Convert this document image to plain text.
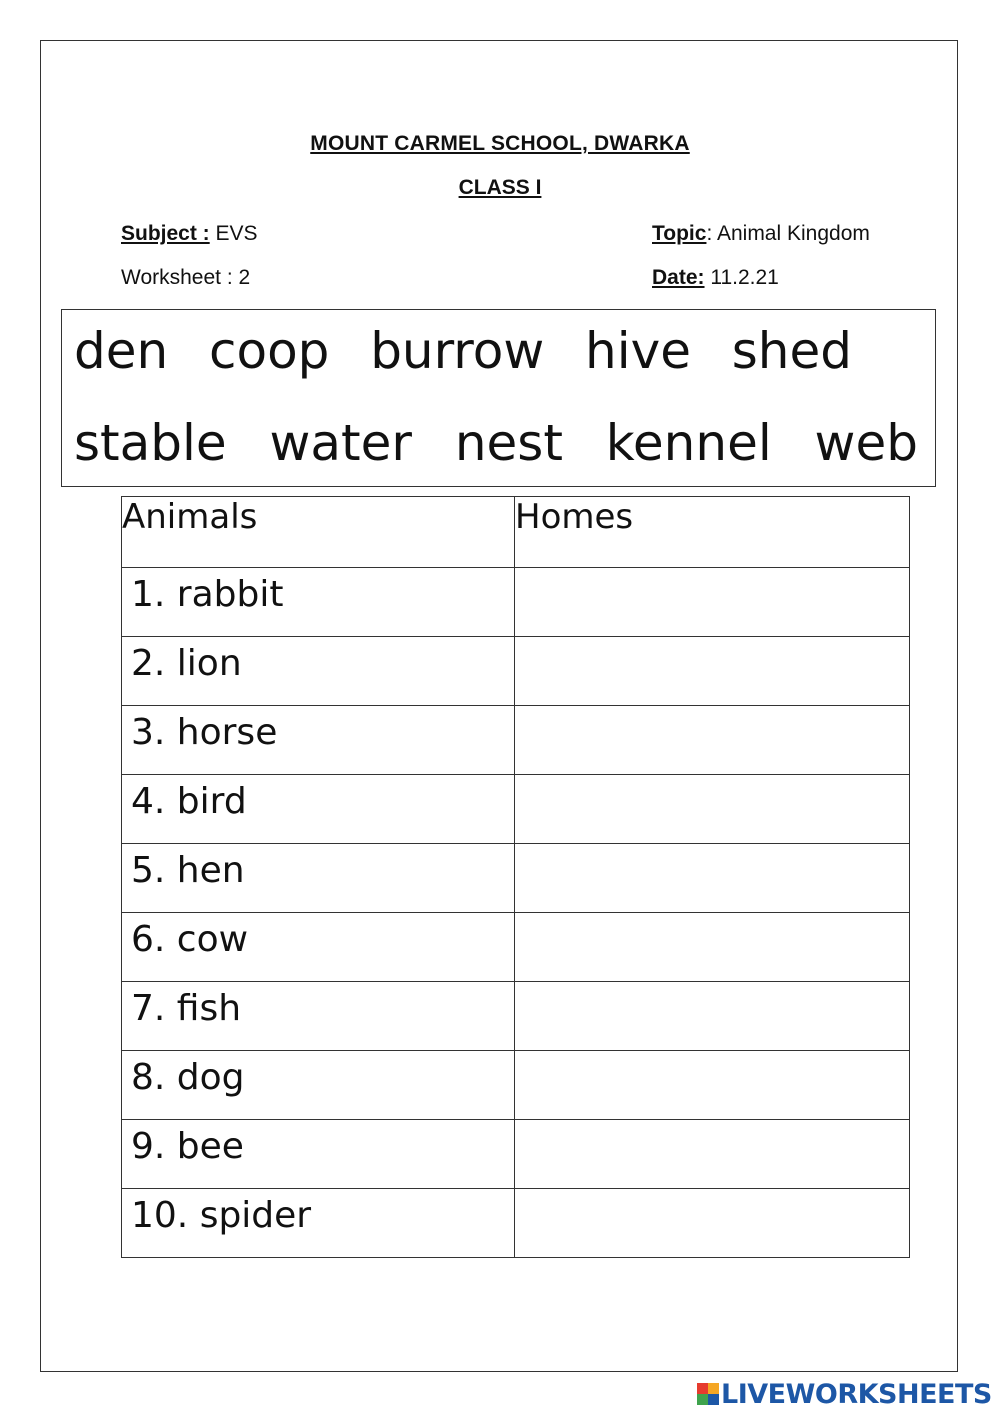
MOUNT CARMEL SCHOOL, DWARKA
CLASS I
Subject : EVS
Worksheet : 2
Topic: Animal Kingdom
Date: 11.2.21
den coop burrow hive shed
stable water nest kennel web
Animals	Homes
1. rabbit	
2. lion	
3. horse	
4. bird	
5. hen	
6. cow	
7. fish	
8. dog	
9. bee	
10. spider	
LIVEWORKSHEETS
